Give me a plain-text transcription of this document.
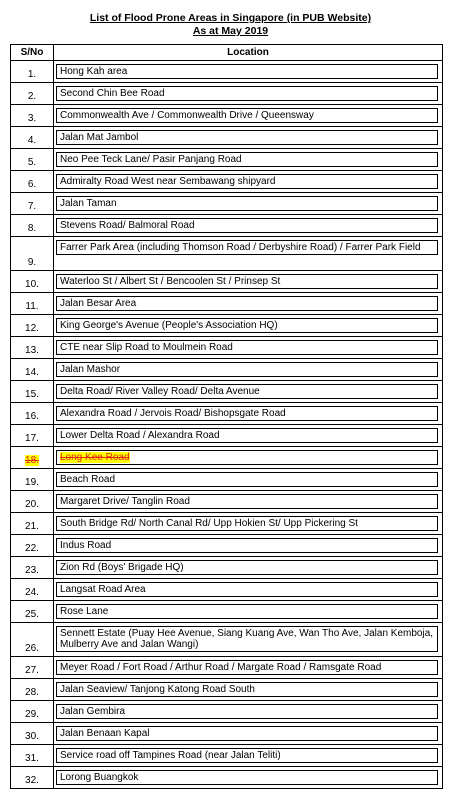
List of Flood Prone Areas in Singapore (in PUB Website)
As at May 2019
S/No	Location
1.	Hong Kah area

2.	Second Chin Bee Road

3.	Commonwealth Ave / Commonwealth Drive / Queensway

4.	Jalan Mat Jambol

5.	Neo Pee Teck Lane/ Pasir Panjang Road

6.	Admiralty Road West near Sembawang shipyard

7.	Jalan Taman

8.	Stevens Road/ Balmoral Road

9.	Farrer Park Area (including Thomson Road / Derbyshire Road) / Farrer Park Field

10.	Waterloo St / Albert St / Bencoolen St / Prinsep St

11.	Jalan Besar Area

12.	King George's Avenue (People's Association HQ)

13.	CTE near Slip Road to Moulmein Road

14.	Jalan Mashor

15.	Delta Road/ River Valley Road/ Delta Avenue

16.	Alexandra Road / Jervois Road/ Bishopsgate Road

17.	Lower Delta Road / Alexandra Road

18.	Long Kee Road

19.	Beach Road

20.	Margaret Drive/ Tanglin Road

21.	South Bridge Rd/ North Canal Rd/ Upp Hokien St/ Upp Pickering St

22.	Indus Road

23.	Zion Rd (Boys' Brigade HQ)

24.	Langsat Road Area

25.	Rose Lane

26.	Sennett Estate (Puay Hee Avenue, Siang Kuang Ave, Wan Tho Ave, Jalan Kemboja, Mulberry Ave and Jalan Wangi)

27.	Meyer Road / Fort Road / Arthur Road / Margate Road / Ramsgate Road

28.	Jalan Seaview/ Tanjong Katong Road South

29.	Jalan Gembira

30.	Jalan Benaan Kapal

31.	Service road off Tampines Road (near Jalan Teliti)

32.	Lorong Buangkok
